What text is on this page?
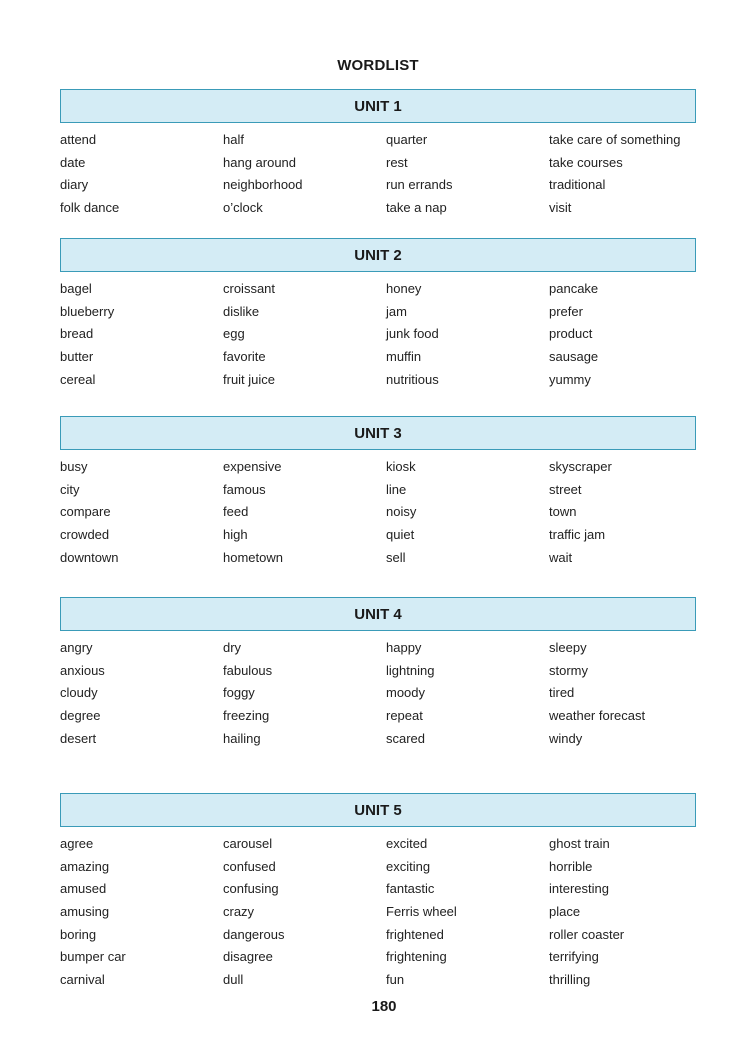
WORDLIST
UNIT 1
attend
date
diary
folk dance
half
hang around
neighborhood
o’clock
quarter
rest
run errands
take a nap
take care of something
take courses
traditional
visit
UNIT 2
bagel
blueberry
bread
butter
cereal
croissant
dislike
egg
favorite
fruit juice
honey
jam
junk food
muffin
nutritious
pancake
prefer
product
sausage
yummy
UNIT 3
busy
city
compare
crowded
downtown
expensive
famous
feed
high
hometown
kiosk
line
noisy
quiet
sell
skyscraper
street
town
traffic jam
wait
UNIT 4
angry
anxious
cloudy
degree
desert
dry
fabulous
foggy
freezing
hailing
happy
lightning
moody
repeat
scared
sleepy
stormy
tired
weather forecast
windy
UNIT 5
agree
amazing
amused
amusing
boring
bumper car
carnival
carousel
confused
confusing
crazy
dangerous
disagree
dull
excited
exciting
fantastic
Ferris wheel
frightened
frightening
fun
ghost train
horrible
interesting
place
roller coaster
terrifying
thrilling
180
